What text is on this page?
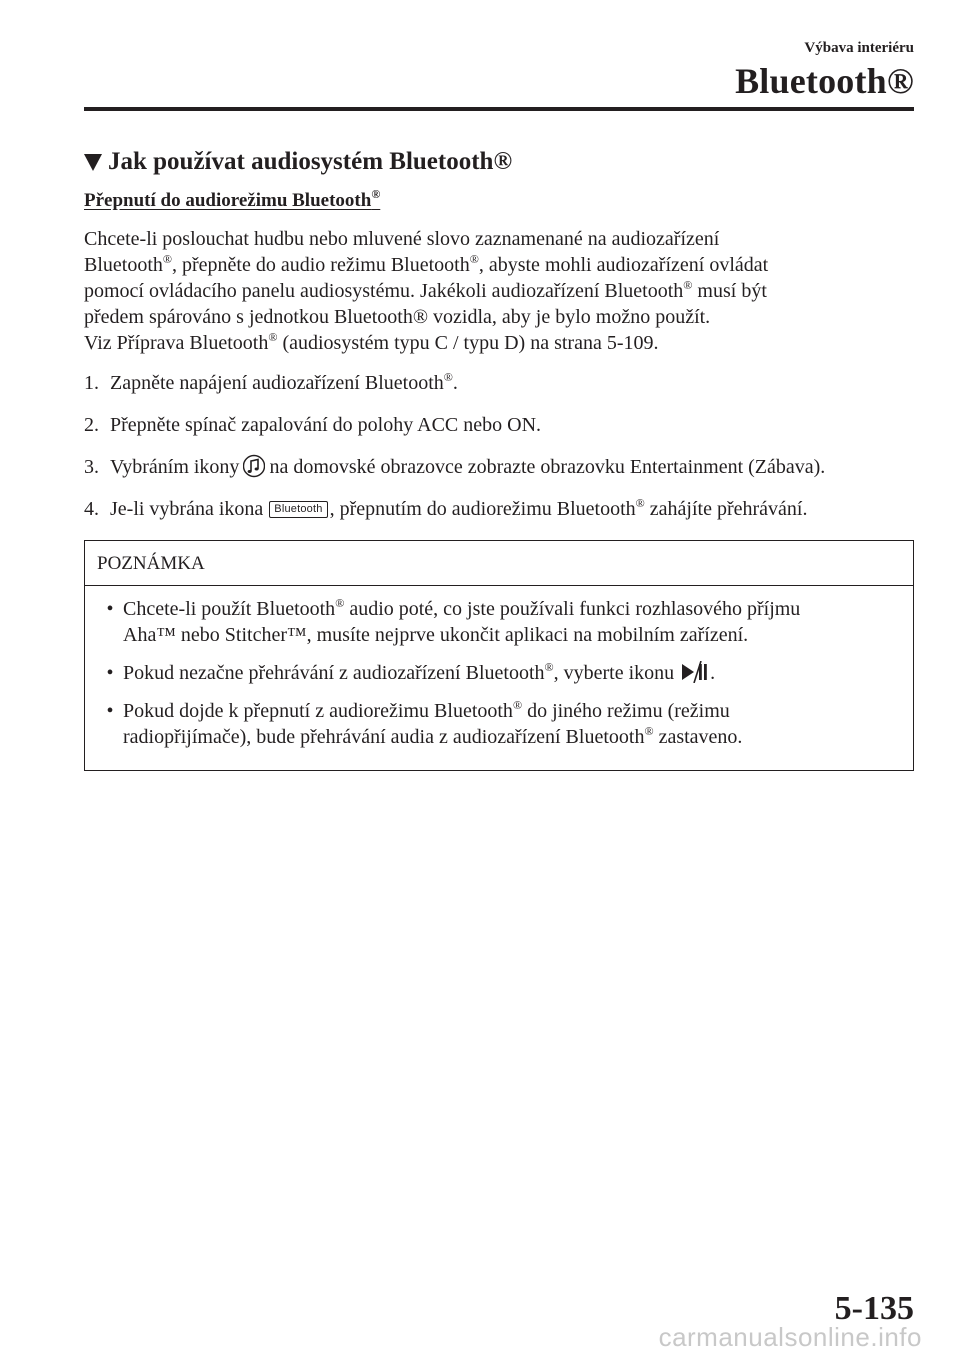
Výbava interiéru
Bluetooth®
Jak používat audiosystém Bluetooth®
Přepnutí do audiorežimu Bluetooth®

Chcete-li poslouchat hudbu nebo mluvené slovo zaznamenané na audiozařízení
Bluetooth®, přepněte do audio režimu Bluetooth®, abyste mohli audiozařízení ovládat
pomocí ovládacího panelu audiosystému. Jakékoli audiozařízení Bluetooth® musí být
předem spárováno s jednotkou Bluetooth® vozidla, aby je bylo možno použít.
Viz Příprava Bluetooth® (audiosystém typu C / typu D) na strana 5-109.

1. Zapněte napájení audiozařízení Bluetooth®.
2. Přepněte spínač zapalování do polohy ACC nebo ON.
3. Vybráním ikony na domovské obrazovce zobrazte obrazovku Entertainment (Zábava).
4. Je-li vybrána ikona Bluetooth , přepnutím do audiorežimu Bluetooth® zahájíte přehrávání.
POZNÁMKA
• Chcete-li použít Bluetooth® audio poté, co jste používali funkci rozhlasového příjmu
Aha™ nebo Stitcher™, musíte nejprve ukončit aplikaci na mobilním zařízení.
• Pokud nezačne přehrávání z audiozařízení Bluetooth®, vyberte ikonu .
• Pokud dojde k přepnutí z audiorežimu Bluetooth® do jiného režimu (režimu
radiopřijímače), bude přehrávání audia z audiozařízení Bluetooth® zastaveno.
5-135
carmanualsonline.info
